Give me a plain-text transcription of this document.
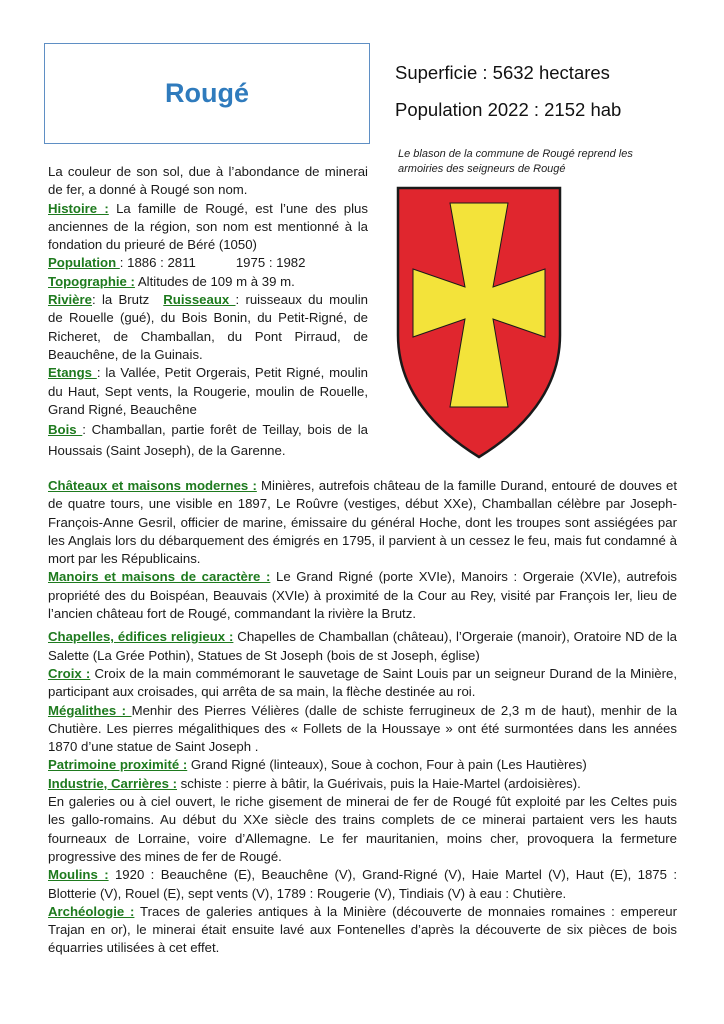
Rougé
Superficie : 5632 hectares
Population 2022 : 2152 hab
Le blason de la commune de Rougé reprend les armoiries des seigneurs de Rougé

La couleur de son sol, due à l’abondance de minerai de fer, a donné à Rougé son nom.

Histoire : La famille de Rougé, est l’une des plus anciennes de la région, son nom est mentionné à la fondation du prieuré de Béré (1050)

Population : 1886 : 2811	1975 : 1982

Topographie : Altitudes de 109 m à 39 m.

Rivière: la Brutz Ruisseaux : ruisseaux du moulin de Rouelle (gué), du Bois Bonin, du Petit-Rigné, de Richeret, de Chamballan, du Pont Pirraud, de Beauchêne, de la Guinais.

Etangs : la Vallée, Petit Orgerais, Petit Rigné, moulin du Haut, Sept vents, la Rougerie, moulin de Rouelle, Grand Rigné, Beauchêne

Bois : Chamballan, partie forêt de Teillay, bois de la Houssais (Saint Joseph), de la Garenne.

Châteaux et maisons modernes : Minières, autrefois château de la famille Durand, entouré de douves et de quatre tours, une visible en 1897, Le Roûvre (vestiges, début XXe), Chamballan célèbre par Joseph-François-Anne Gesril, officier de marine, émissaire du général Hoche, dont les troupes sont assiégées par les Anglais lors du débarquement des émigrés en 1795, il parvient à un cessez le feu, mais fut condamné à mort par les Républicains.

Manoirs et maisons de caractère : Le Grand Rigné (porte XVIe), Manoirs : Orgeraie (XVIe), autrefois propriété des du Boispéan, Beauvais (XVIe) à proximité de la Cour au Rey, visité par François Ier, lieu de l’ancien château fort de Rougé, commandant la rivière la Brutz.

Chapelles, édifices religieux : Chapelles de Chamballan (château), l’Orgeraie (manoir), Oratoire ND de la Salette (La Grée Pothin), Statues de St Joseph (bois de st Joseph, église)

Croix : Croix de la main commémorant le sauvetage de Saint Louis par un seigneur Durand de la Minière, participant aux croisades, qui arrêta de sa main, la flèche destinée au roi.

Mégalithes : Menhir des Pierres Vélières (dalle de schiste ferrugineux de 2,3 m de haut), menhir de la Chutière. Les pierres mégalithiques des « Follets de la Houssaye » ont été surmontées dans les années 1870 d’une statue de Saint Joseph .

Patrimoine proximité : Grand Rigné (linteaux), Soue à cochon, Four à pain (Les Hautières)

Industrie, Carrières : schiste : pierre à bâtir, la Guérivais, puis la Haie-Martel (ardoisières).

En galeries ou à ciel ouvert, le riche gisement de minerai de fer de Rougé fût exploité par les Celtes puis les gallo-romains. Au début du XXe siècle des trains complets de ce minerai partaient vers les hauts fourneaux de Lorraine, voire d’Allemagne. Le fer mauritanien, moins cher, provoquera la fermeture progressive des mines de fer de Rougé.

Moulins : 1920 : Beauchêne (E), Beauchêne (V), Grand-Rigné (V), Haie Martel (V), Haut (E), 1875 : Blotterie (V), Rouel (E), sept vents (V), 1789 : Rougerie (V), Tindiais (V) à eau : Chutière.

Archéologie : Traces de galeries antiques à la Minière (découverte de monnaies romaines : empereur Trajan en or), le minerai était ensuite lavé aux Fontenelles d’après la découverte de six pièces de bois équarries utilisées à cet effet.
